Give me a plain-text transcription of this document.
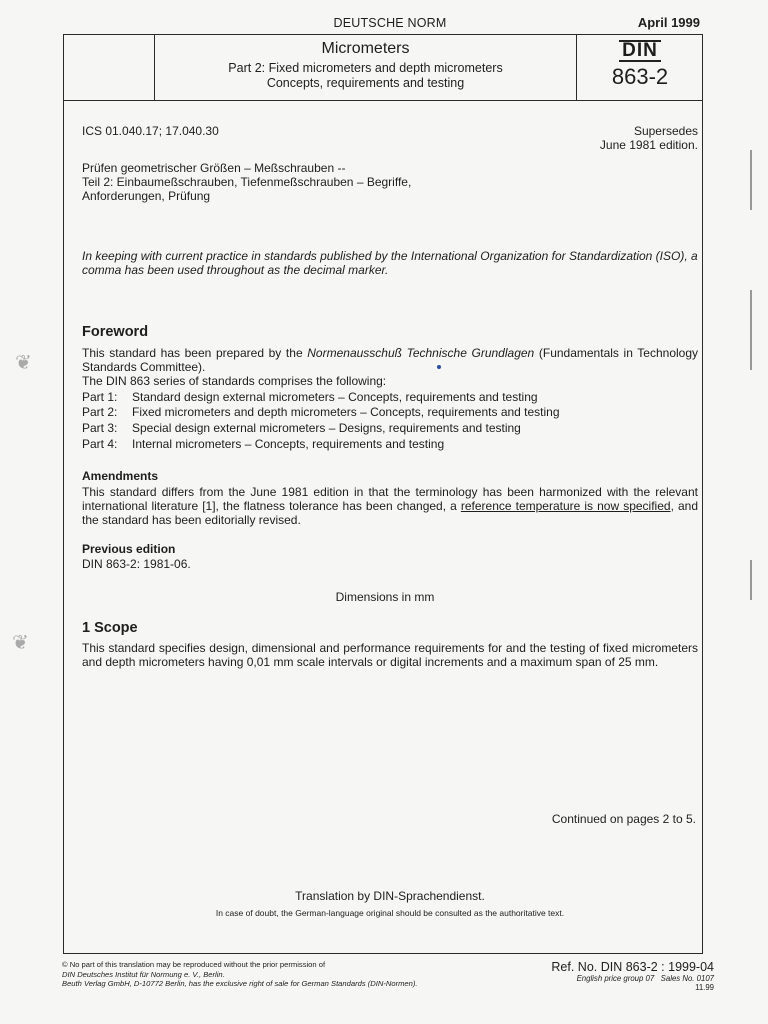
DEUTSCHE NORM	April 1999
Micrometers
Part 2: Fixed micrometers and depth micrometers
Concepts, requirements and testing
DIN
863-2
ICS 01.040.17; 17.040.30	Supersedes
June 1981 edition.
Prüfen geometrischer Größen – Meßschrauben --
Teil 2: Einbaumeßschrauben, Tiefenmeßschrauben – Begriffe,
Anforderungen, Prüfung
In keeping with current practice in standards published by the International Organization for Standardization (ISO), a comma has been used throughout as the decimal marker.
Foreword
This standard has been prepared by the Normenausschuß Technische Grundlagen (Fundamentals in Technology Standards Committee).
The DIN 863 series of standards comprises the following:
Part 1: Standard design external micrometers – Concepts, requirements and testing
Part 2: Fixed micrometers and depth micrometers – Concepts, requirements and testing
Part 3: Special design external micrometers – Designs, requirements and testing
Part 4: Internal micrometers – Concepts, requirements and testing
Amendments
This standard differs from the June 1981 edition in that the terminology has been harmonized with the relevant international literature [1], the flatness tolerance has been changed, a reference temperature is now specified, and the standard has been editorially revised.
Previous edition
DIN 863-2: 1981-06.
Dimensions in mm
1 Scope
This standard specifies design, dimensional and performance requirements for and the testing of fixed micrometers and depth micrometers having 0,01 mm scale intervals or digital increments and a maximum span of 25 mm.
Continued on pages 2 to 5.
Translation by DIN-Sprachendienst.
In case of doubt, the German-language original should be consulted as the authoritative text.
© No part of this translation may be reproduced without the prior permission of
DIN Deutsches Institut für Normung e. V., Berlin.
Beuth Verlag GmbH, D-10772 Berlin, has the exclusive right of sale for German Standards (DIN-Normen).
Ref. No. DIN 863-2 : 1999-04
English price group 07 Sales No. 0107
11.99
❦
❦
